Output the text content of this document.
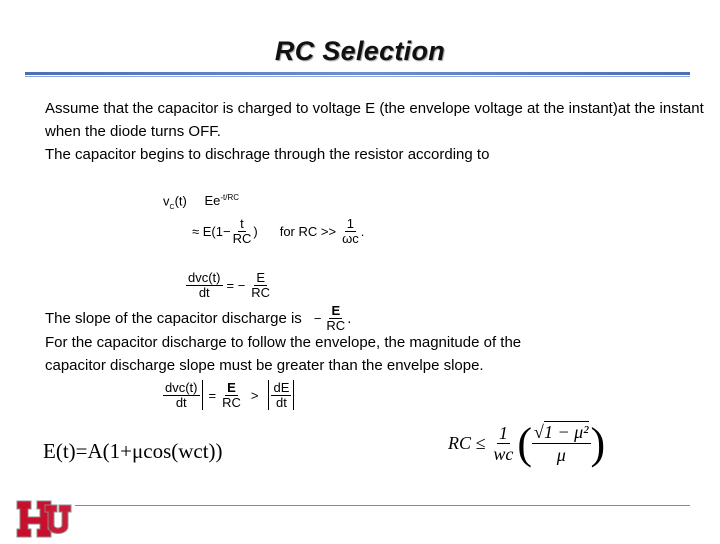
RC Selection
Assume that the capacitor is charged to voltage E (the envelope voltage at the instant)at the instant
when the diode turns OFF.
The capacitor begins to dischrage through the resistor according to
$v_C(t)$ $Ee^{-t/RC}$
≈ $E(1- \frac{t}{RC}$ ) for RC >> $\frac{1}{\omega c}$ .
$\frac{\text{dvc(t)}}{dt}$ = − $\frac{E}{RC}$
The slope of the capacitor discharge is − $\frac{E}{RC}$ .
For the capacitor discharge to follow the envelope, the magnitude of the
capacitor discharge slope must be greater than the envelpe slope.
$\frac{\text{dvc(t)}}{dt} = \frac{E}{RC} > \frac{dE}{dt}$
E(t)=A(1+μcos(wct))	RC ≤ $\frac{1}{wc}$ ( $\frac{\text{√1 − μ²}}{\mu}$ )
